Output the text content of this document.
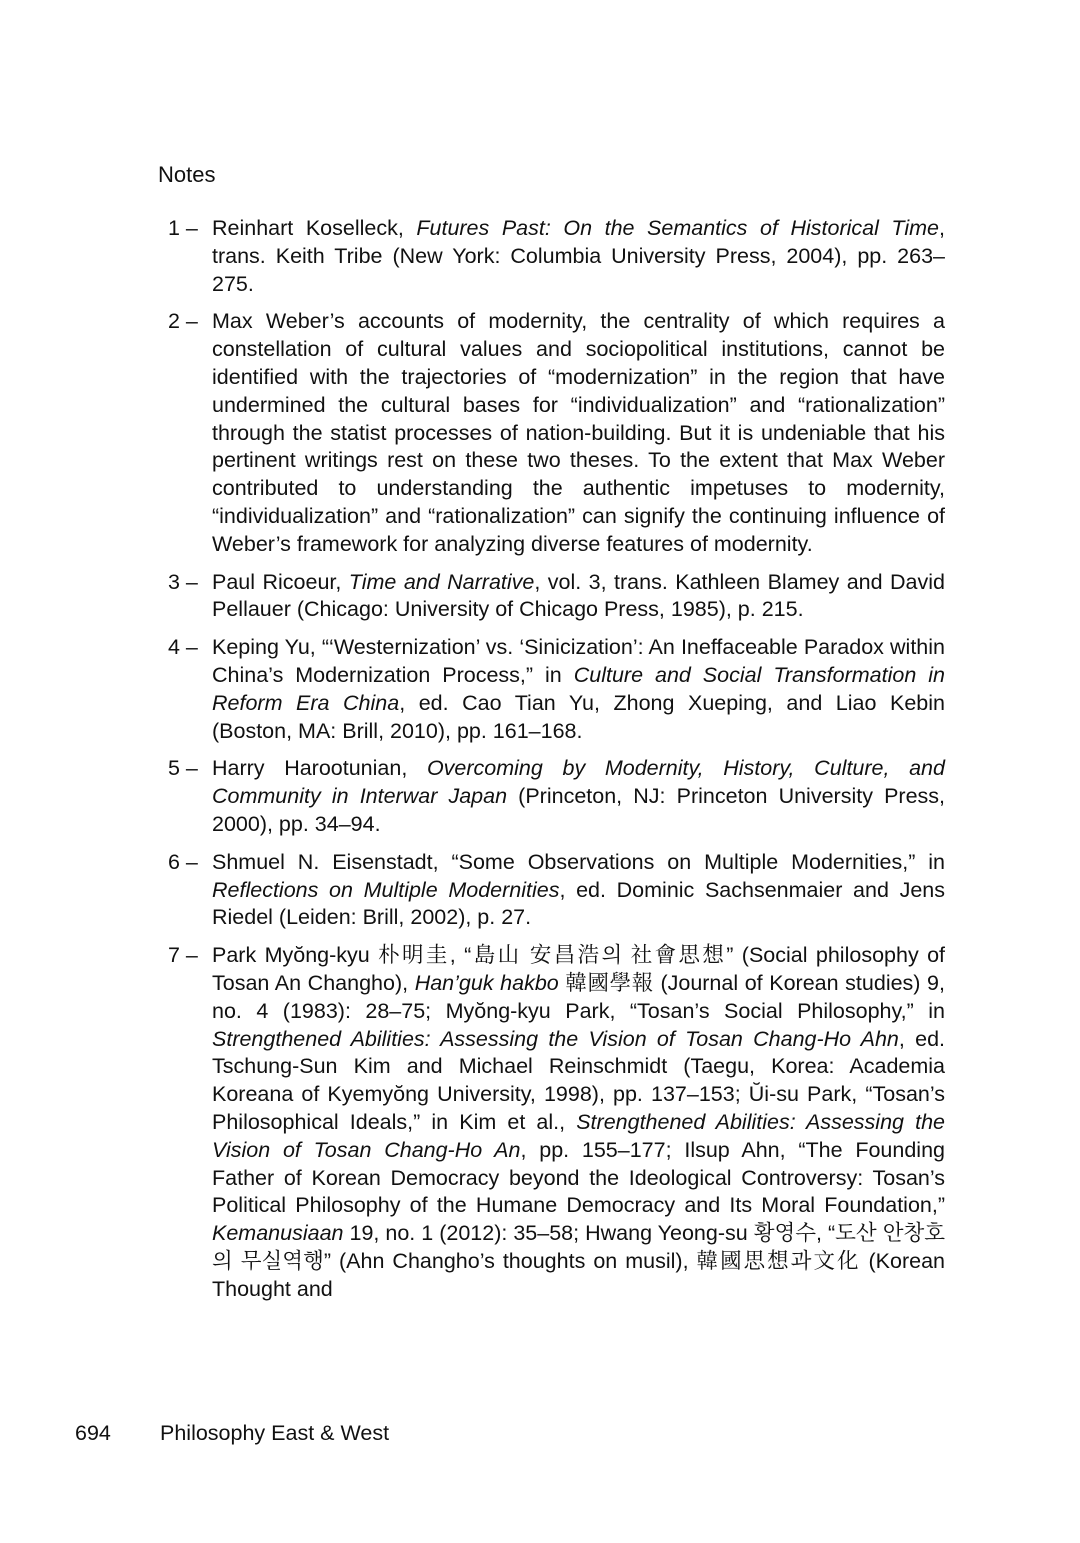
Notes
1 – Reinhart Koselleck, Futures Past: On the Semantics of Historical Time, trans. Keith Tribe (New York: Columbia University Press, 2004), pp. 263–275.
2 – Max Weber’s accounts of modernity, the centrality of which requires a constellation of cultural values and sociopolitical institutions, cannot be identified with the trajectories of “modernization” in the region that have undermined the cultural bases for “individualization” and “rationalization” through the statist processes of nation-building. But it is undeniable that his pertinent writings rest on these two theses. To the extent that Max Weber contributed to understanding the authentic impetuses to modernity, “individualization” and “rationalization” can signify the continuing influence of Weber’s framework for analyzing diverse features of modernity.
3 – Paul Ricoeur, Time and Narrative, vol. 3, trans. Kathleen Blamey and David Pellauer (Chicago: University of Chicago Press, 1985), p. 215.
4 – Keping Yu, “‘Westernization’ vs. ‘Sinicization’: An Ineffaceable Paradox within China’s Modernization Process,” in Culture and Social Transformation in Reform Era China, ed. Cao Tian Yu, Zhong Xueping, and Liao Kebin (Boston, MA: Brill, 2010), pp. 161–168.
5 – Harry Harootunian, Overcoming by Modernity, History, Culture, and Community in Interwar Japan (Princeton, NJ: Princeton University Press, 2000), pp. 34–94.
6 – Shmuel N. Eisenstadt, “Some Observations on Multiple Modernities,” in Reflections on Multiple Modernities, ed. Dominic Sachsenmaier and Jens Riedel (Leiden: Brill, 2002), p. 27.
7 – Park Myŏng-kyu 朴明圭, “島山 安昌浩의 社會思想” (Social philosophy of Tosan An Changho), Han’guk hakbo 韓國學報 (Journal of Korean studies) 9, no. 4 (1983): 28–75; Myŏng-kyu Park, “Tosan’s Social Philosophy,” in Strengthened Abilities: Assessing the Vision of Tosan Chang-Ho Ahn, ed. Tschung-Sun Kim and Michael Reinschmidt (Taegu, Korea: Academia Koreana of Kyemyŏng University, 1998), pp. 137–153; Ŭi-su Park, “Tosan’s Philosophical Ideals,” in Kim et al., Strengthened Abilities: Assessing the Vision of Tosan Chang-Ho An, pp. 155–177; Ilsup Ahn, “The Founding Father of Korean Democracy beyond the Ideological Controversy: Tosan’s Political Philosophy of the Humane Democracy and Its Moral Foundation,” Kemanusiaan 19, no. 1 (2012): 35–58; Hwang Yeong-su 황영수, “도산 안창호의 무실역행” (Ahn Changho’s thoughts on musil), 韓國思想과文化 (Korean Thought and
694 Philosophy East & West
